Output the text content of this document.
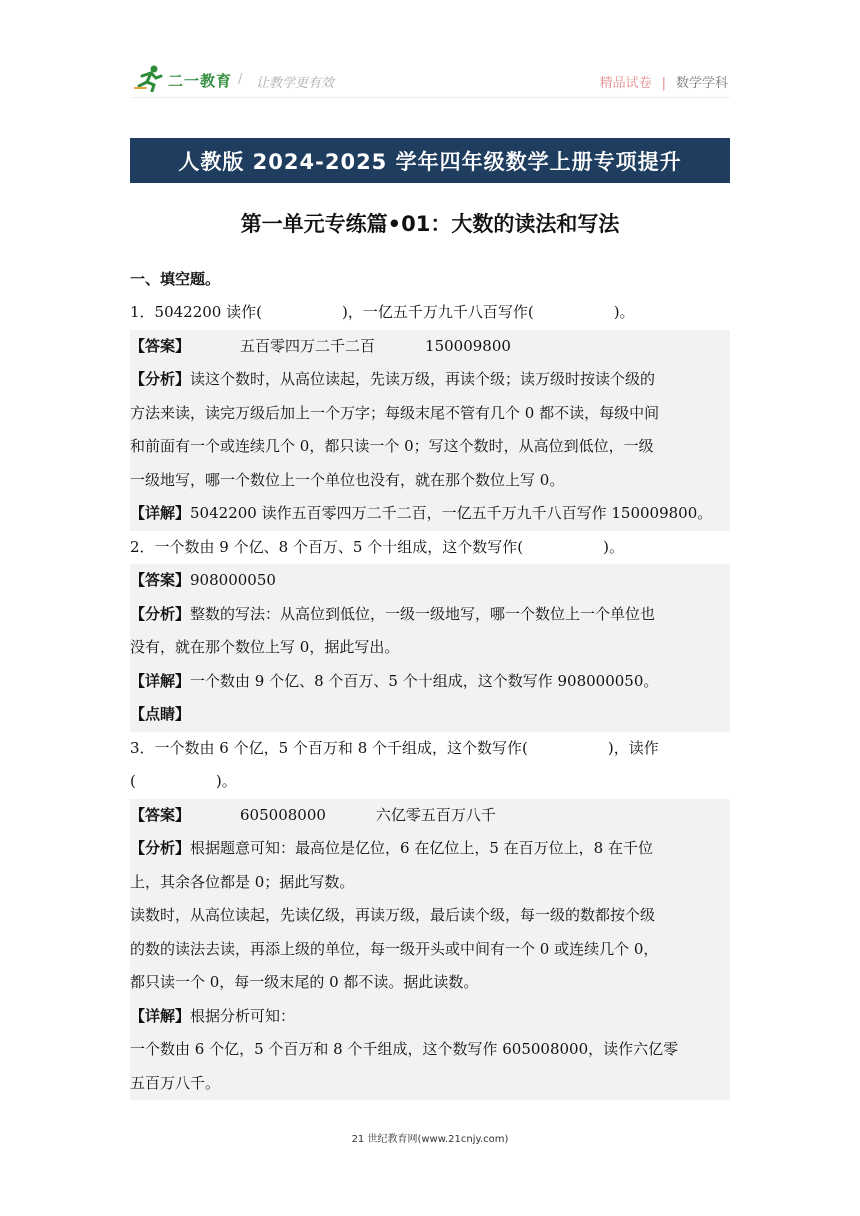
二一教育 / 让教学更有效	精品试卷 | 数学学科
人教版 2024-2025 学年四年级数学上册专项提升
第一单元专练篇•01：大数的读法和写法
一、填空题。
1．5042200 读作(	)，一亿五千万九千八百写作(	)。
【答案】	五百零四万二千二百	150009800
【分析】读这个数时，从高位读起，先读万级，再读个级；读万级时按读个级的
方法来读，读完万级后加上一个万字；每级末尾不管有几个 0 都不读，每级中间
和前面有一个或连续几个 0，都只读一个 0；写这个数时，从高位到低位，一级
一级地写，哪一个数位上一个单位也没有，就在那个数位上写 0。
【详解】5042200 读作五百零四万二千二百，一亿五千万九千八百写作 150009800。
2．一个数由 9 个亿、8 个百万、5 个十组成，这个数写作(	)。
【答案】908000050
【分析】整数的写法：从高位到低位，一级一级地写，哪一个数位上一个单位也
没有，就在那个数位上写 0，据此写出。
【详解】一个数由 9 个亿、8 个百万、5 个十组成，这个数写作 908000050。
【点睛】
3．一个数由 6 个亿，5 个百万和 8 个千组成，这个数写作(	)，读作
(	)。
【答案】	605008000	六亿零五百万八千
【分析】根据题意可知：最高位是亿位，6 在亿位上，5 在百万位上，8 在千位
上，其余各位都是 0；据此写数。
读数时，从高位读起，先读亿级，再读万级，最后读个级，每一级的数都按个级
的数的读法去读，再添上级的单位，每一级开头或中间有一个 0 或连续几个 0，
都只读一个 0，每一级末尾的 0 都不读。据此读数。
【详解】根据分析可知：
一个数由 6 个亿，5 个百万和 8 个千组成，这个数写作 605008000，读作六亿零
五百万八千。
21 世纪教育网(www.21cnjy.com)
